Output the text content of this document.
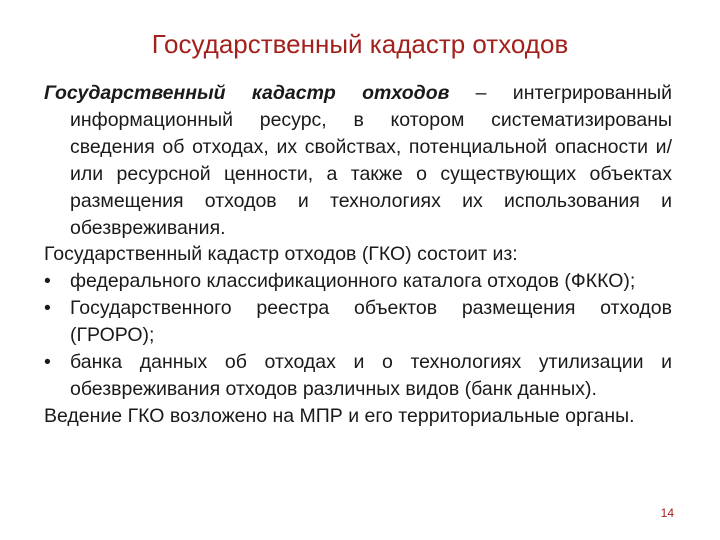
Государственный кадастр отходов

Государственный кадастр отходов – интегрированный информационный ресурс, в котором систематизированы сведения об отходах, их свойствах, потенциальной опасности и/или ресурсной ценности, а также о существующих объектах размещения отходов и технологиях их использования и обезвреживания.

Государственный кадастр отходов (ГКО) состоит из:

• федерального классификационного каталога отходов (ФККО);

• Государственного реестра объектов размещения отходов (ГРОРО);

• банка данных об отходах и о технологиях утилизации и обезвреживания отходов различных видов (банк данных).

Ведение ГКО возложено на МПР и его территориальные органы.

14
